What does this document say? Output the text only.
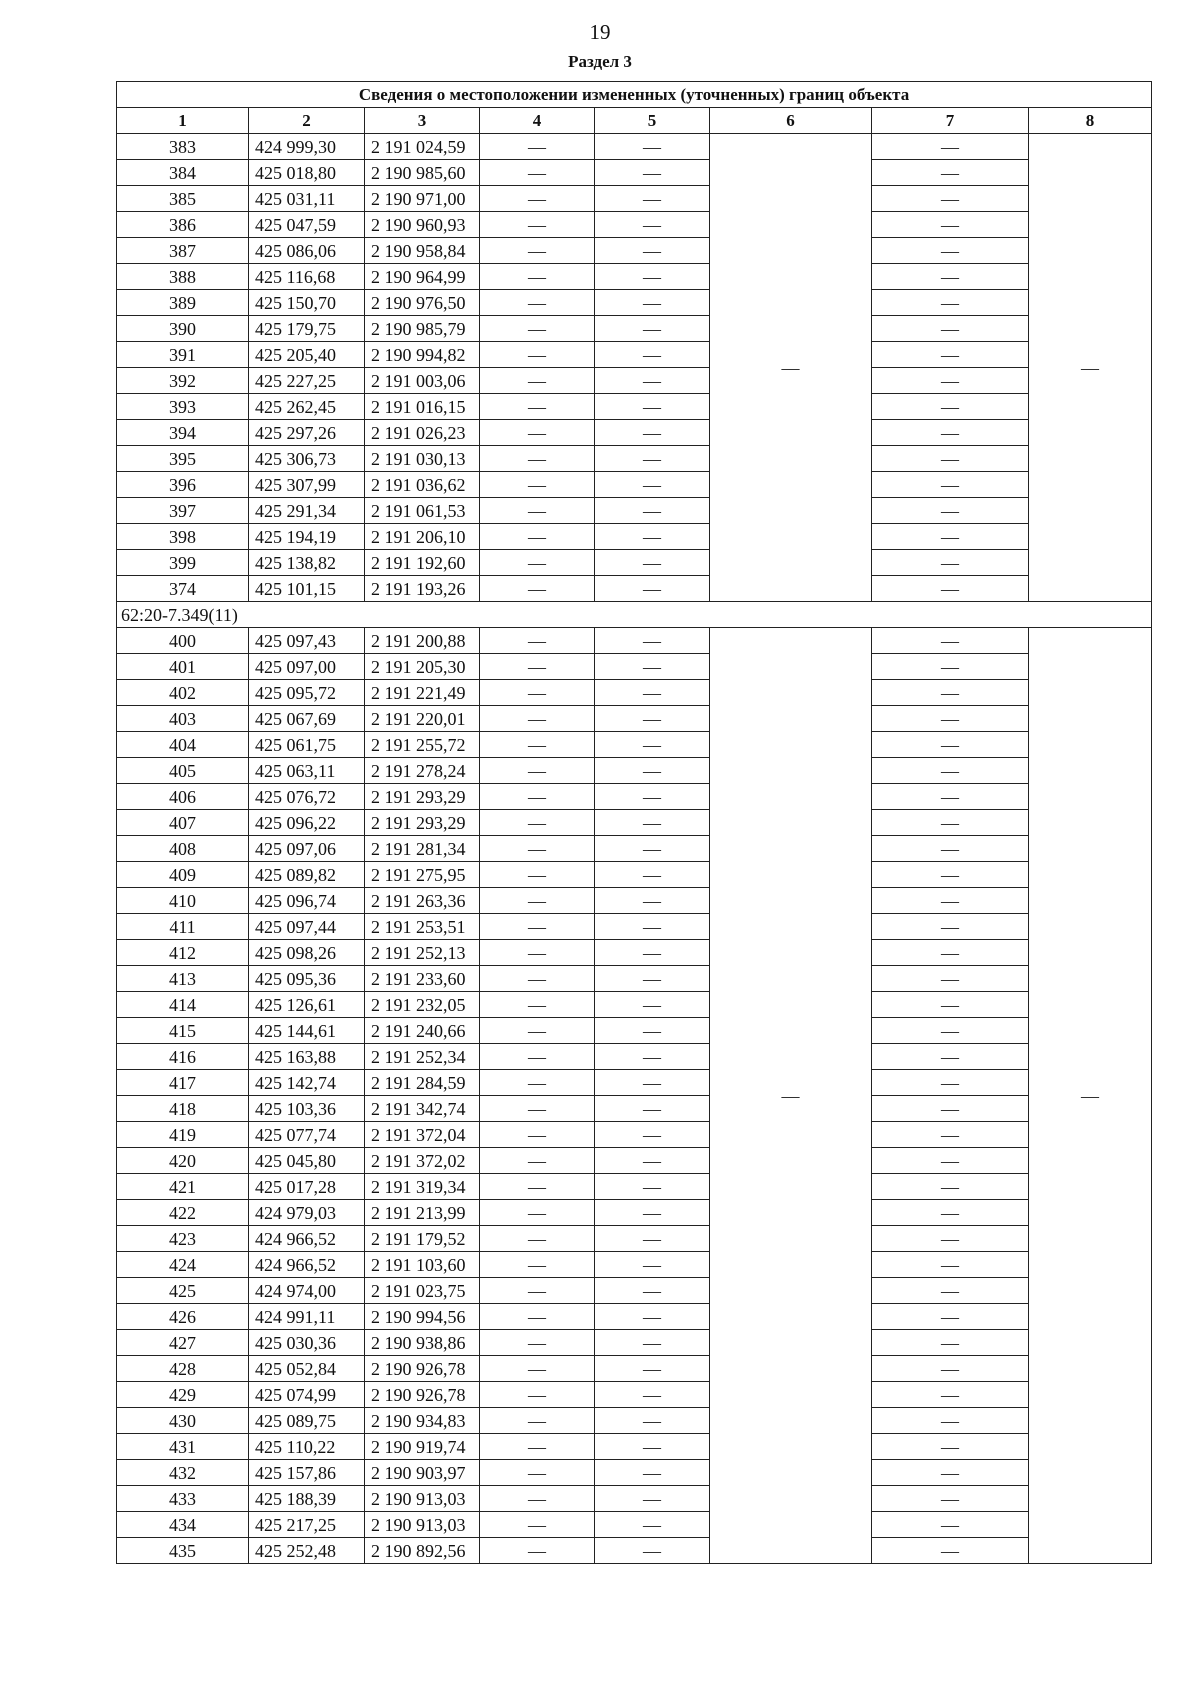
19
Раздел 3
Сведения о местоположении измененных (уточненных) границ объекта							
1	2	3	4	5	6	7	8
383	424 999,30	2 191 024,59	—	—	—	—	—
384	425 018,80	2 190 985,60	—	—		—	
385	425 031,11	2 190 971,00	—	—		—	
386	425 047,59	2 190 960,93	—	—		—	
387	425 086,06	2 190 958,84	—	—		—	
388	425 116,68	2 190 964,99	—	—		—	
389	425 150,70	2 190 976,50	—	—		—	
390	425 179,75	2 190 985,79	—	—		—	
391	425 205,40	2 190 994,82	—	—		—	
392	425 227,25	2 191 003,06	—	—		—	
393	425 262,45	2 191 016,15	—	—		—	
394	425 297,26	2 191 026,23	—	—		—	
395	425 306,73	2 191 030,13	—	—		—	
396	425 307,99	2 191 036,62	—	—		—	
397	425 291,34	2 191 061,53	—	—		—	
398	425 194,19	2 191 206,10	—	—		—	
399	425 138,82	2 191 192,60	—	—		—	
374	425 101,15	2 191 193,26	—	—		—	
62:20-7.349(11)							
400	425 097,43	2 191 200,88	—	—	—	—	—
401	425 097,00	2 191 205,30	—	—		—	
402	425 095,72	2 191 221,49	—	—		—	
403	425 067,69	2 191 220,01	—	—		—	
404	425 061,75	2 191 255,72	—	—		—	
405	425 063,11	2 191 278,24	—	—		—	
406	425 076,72	2 191 293,29	—	—		—	
407	425 096,22	2 191 293,29	—	—		—	
408	425 097,06	2 191 281,34	—	—		—	
409	425 089,82	2 191 275,95	—	—		—	
410	425 096,74	2 191 263,36	—	—		—	
411	425 097,44	2 191 253,51	—	—		—	
412	425 098,26	2 191 252,13	—	—		—	
413	425 095,36	2 191 233,60	—	—		—	
414	425 126,61	2 191 232,05	—	—		—	
415	425 144,61	2 191 240,66	—	—		—	
416	425 163,88	2 191 252,34	—	—		—	
417	425 142,74	2 191 284,59	—	—		—	
418	425 103,36	2 191 342,74	—	—		—	
419	425 077,74	2 191 372,04	—	—		—	
420	425 045,80	2 191 372,02	—	—		—	
421	425 017,28	2 191 319,34	—	—		—	
422	424 979,03	2 191 213,99	—	—		—	
423	424 966,52	2 191 179,52	—	—		—	
424	424 966,52	2 191 103,60	—	—		—	
425	424 974,00	2 191 023,75	—	—		—	
426	424 991,11	2 190 994,56	—	—		—	
427	425 030,36	2 190 938,86	—	—		—	
428	425 052,84	2 190 926,78	—	—		—	
429	425 074,99	2 190 926,78	—	—		—	
430	425 089,75	2 190 934,83	—	—		—	
431	425 110,22	2 190 919,74	—	—		—	
432	425 157,86	2 190 903,97	—	—		—	
433	425 188,39	2 190 913,03	—	—		—	
434	425 217,25	2 190 913,03	—	—		—	
435	425 252,48	2 190 892,56	—	—		—	
